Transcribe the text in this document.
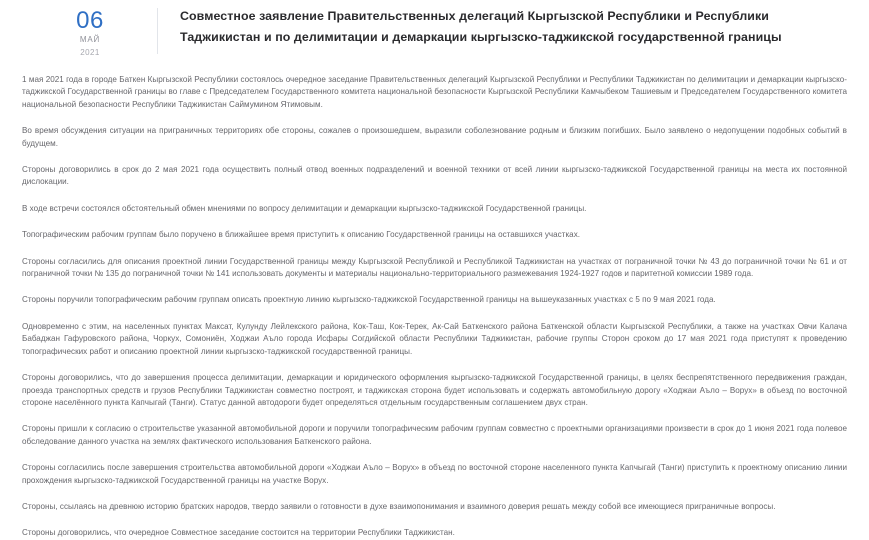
06
МАЙ
2021
Совместное заявление Правительственных делегаций Кыргызской Республики и Республики Таджикистан и по делимитации и демаркации кыргызско-таджикской государственной границы

1 мая 2021 года в городе Баткен Кыргызской Республики состоялось очередное заседание Правительственных делегаций Кыргызской Республики и Республики Таджикистан по делимитации и демаркации кыргызско-таджикской Государственной границы во главе с Председателем Государственного комитета национальной безопасности Кыргызской Республики Камчыбеком Ташиевым и Председателем Государственного комитета национальной безопасности Республики Таджикистан Саймумином Ятимовым.

Во время обсуждения ситуации на приграничных территориях обе стороны, сожалев о произошедшем, выразили соболезнование родным и близким погибших. Было заявлено о недопущении подобных событий в будущем.

Стороны договорились в срок до 2 мая 2021 года осуществить полный отвод военных подразделений и военной техники от всей линии кыргызско-таджикской Государственной границы на места их постоянной дислокации.

В ходе встречи состоялся обстоятельный обмен мнениями по вопросу делимитации и демаркации кыргызско-таджикской Государственной границы.

Топографическим рабочим группам было поручено в ближайшее время приступить к описанию Государственной границы на оставшихся участках.

Стороны согласились для описания проектной линии Государственной границы между Кыргызской Республикой и Республикой Таджикистан на участках от пограничной точки № 43 до пограничной точки № 61 и от пограничной точки № 135 до пограничной точки № 141 использовать документы и материалы национально-территориального размежевания 1924-1927 годов и паритетной комиссии 1989 года.

Стороны поручили топографическим рабочим группам описать проектную линию кыргызско-таджикской Государственной границы на вышеуказанных участках с 5 по 9 мая 2021 года.

Одновременно с этим, на населенных пунктах Максат, Кулунду Лейлекского района, Кок-Таш, Кок-Терек, Ак-Сай Баткенского района Баткенской области Кыргызской Республики, а также на участках Овчи Калача Бабаджан Гафуровского района, Чоркух, Сомониён, Ходжаи Аъло города Исфары Согдийской области Республики Таджикистан, рабочие группы Сторон сроком до 17 мая 2021 года приступят к проведению топографических работ и описанию проектной линии кыргызско-таджикской государственной границы.

Стороны договорились, что до завершения процесса делимитации, демаркации и юридического оформления кыргызско-таджикской Государственной границы, в целях беспрепятственного передвижения граждан, проезда транспортных средств и грузов Республики Таджикистан совместно построят, и таджикская сторона будет использовать и содержать автомобильную дорогу «Ходжаи Аъло – Ворух» в объезд по восточной стороне населённого пункта Капчыгай (Танги). Статус данной автодороги будет определяться отдельным государственным соглашением двух стран.

Стороны пришли к согласию о строительстве указанной автомобильной дороги и поручили топографическим рабочим группам совместно с проектными организациями произвести в срок до 1 июня 2021 года полевое обследование данного участка на землях фактического использования Баткенского района.

Стороны согласились после завершения строительства автомобильной дороги «Ходжаи Аъло – Ворух» в объезд по восточной стороне населенного пункта Капчыгай (Танги) приступить к проектному описанию линии прохождения кыргызско-таджикской Государственной границы на участке Ворух.

Стороны, ссылаясь на древнюю историю братских народов, твердо заявили о готовности в духе взаимопонимания и взаимного доверия решать между собой все имеющиеся приграничные вопросы.

Стороны договорились, что очередное Совместное заседание состоится на территории Республики Таджикистан.
